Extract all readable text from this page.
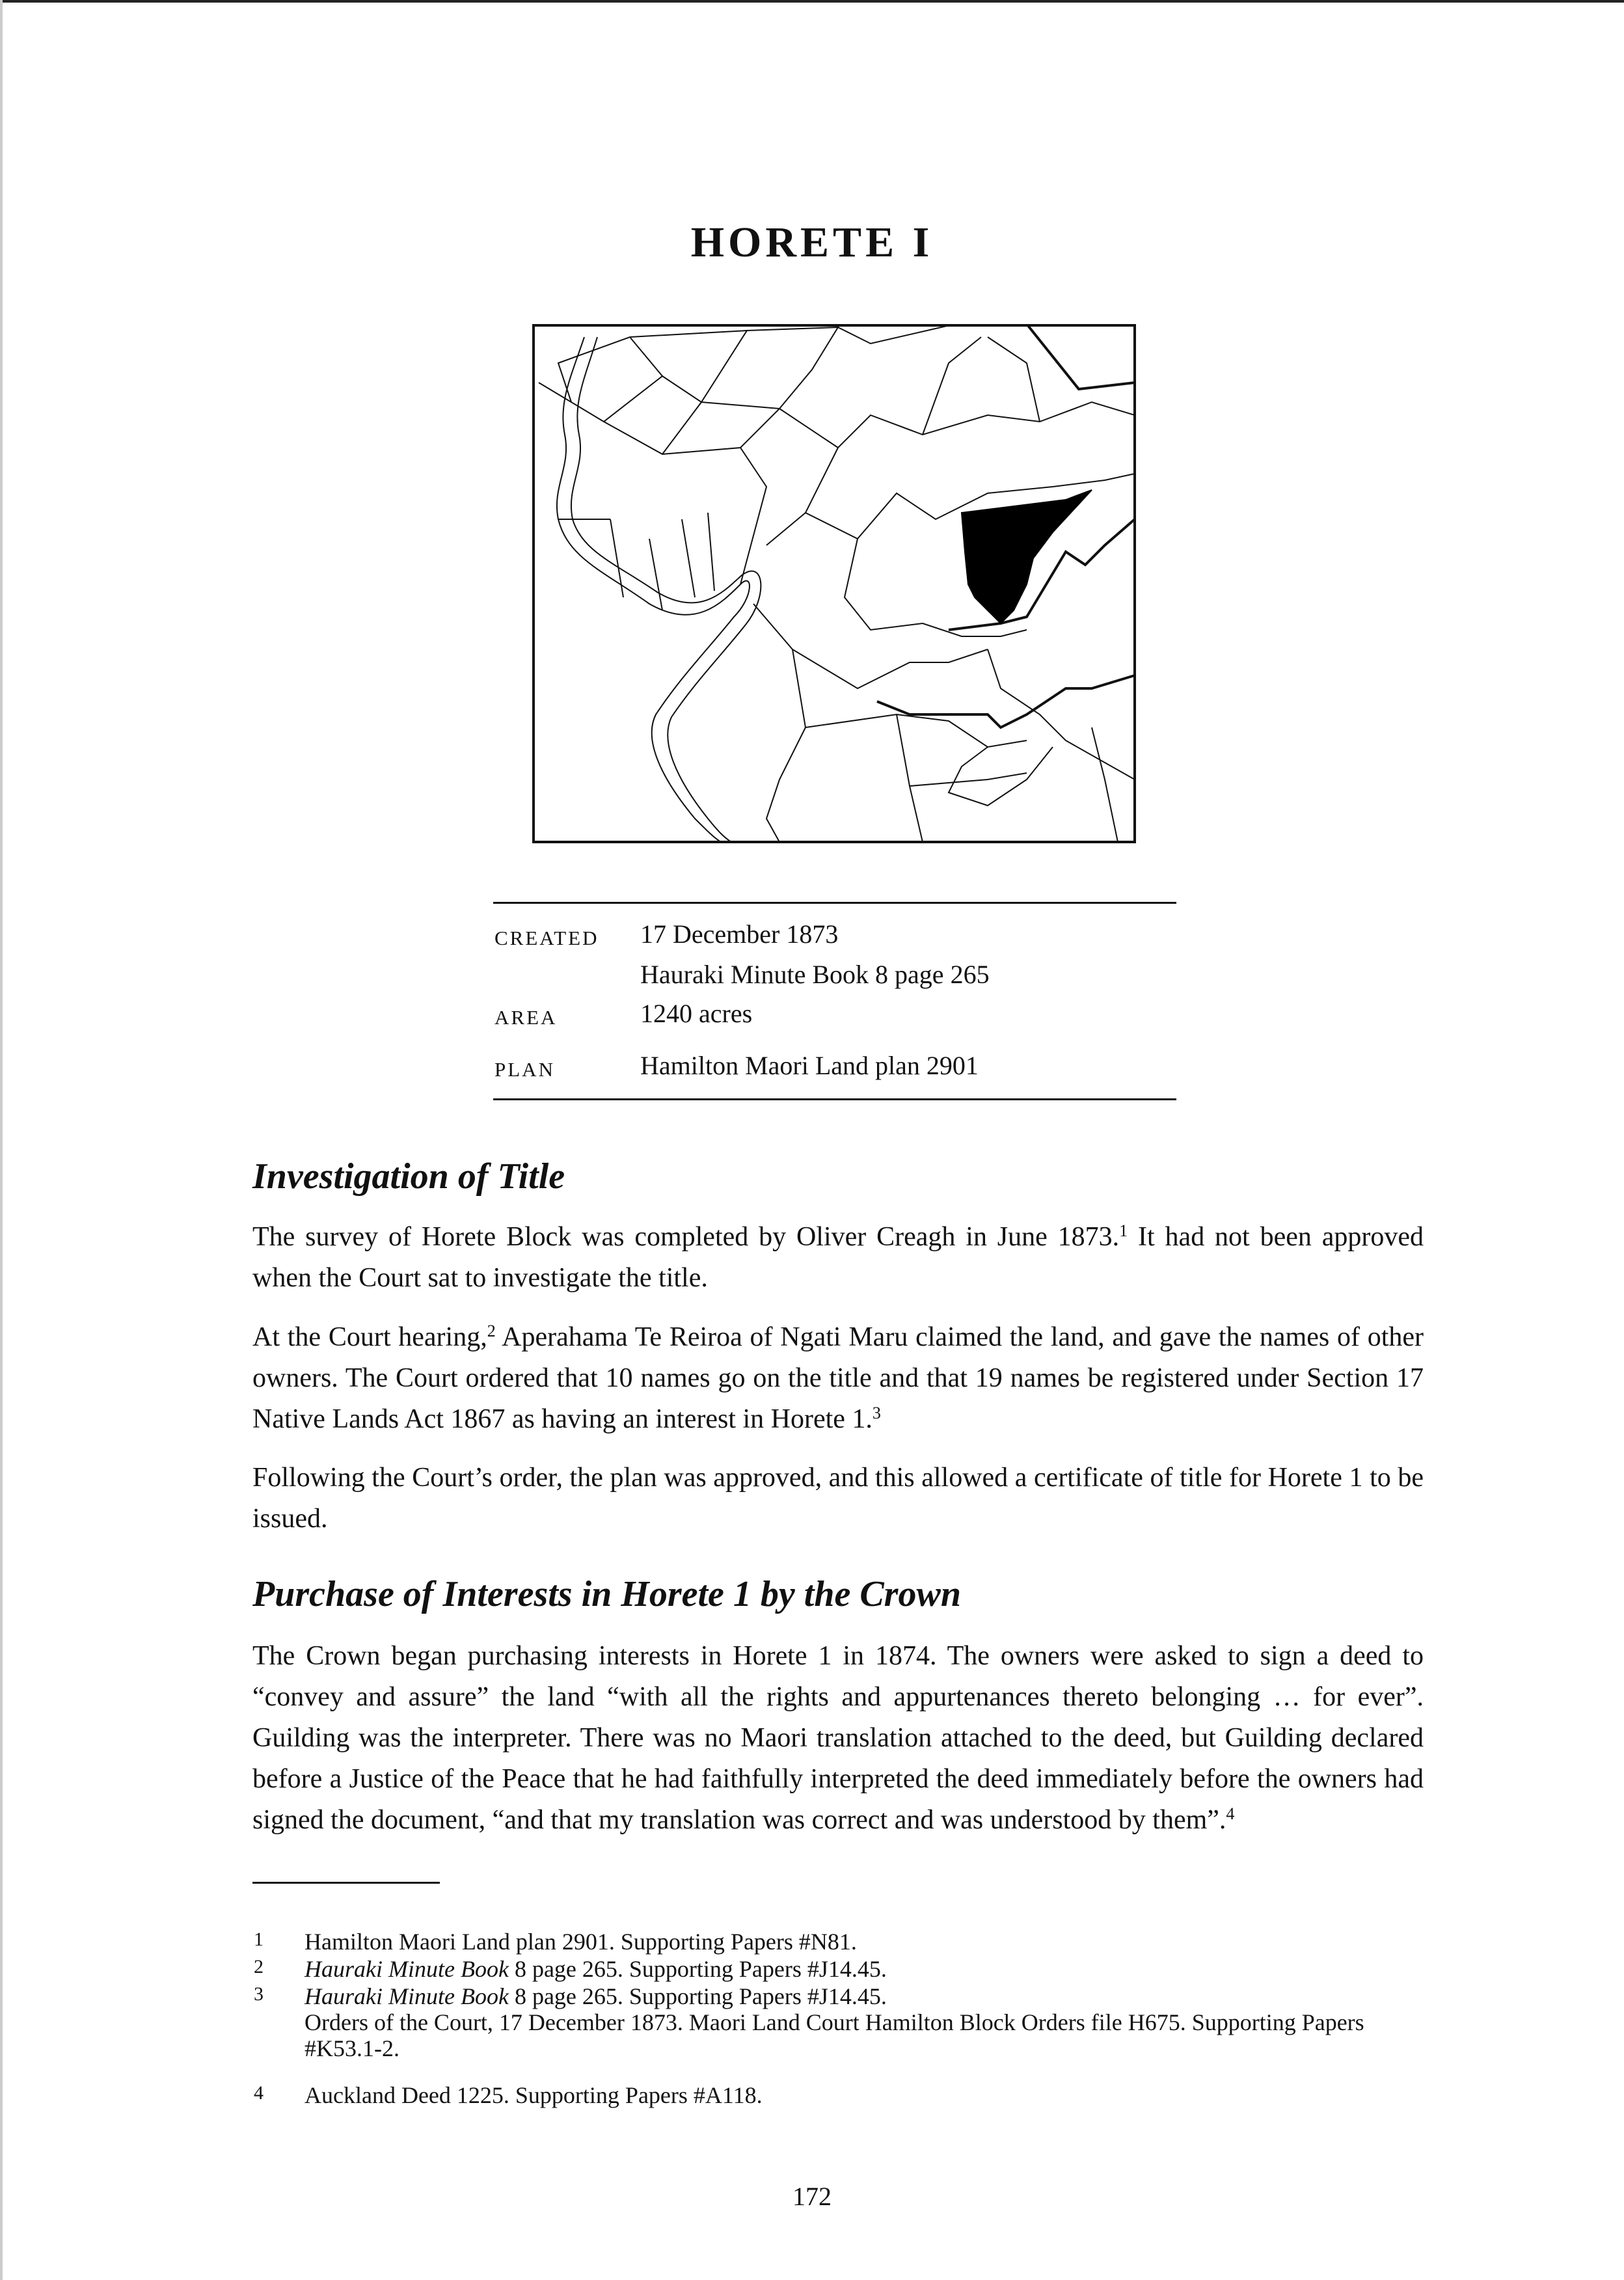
HORETE I
CREATED 17 December 1873
Hauraki Minute Book 8 page 265
AREA	1240 acres
PLAN	Hamilton Maori Land plan 2901
Investigation of Title

The survey of Horete Block was completed by Oliver Creagh in June 1873.$^1$ It had not been approved when the Court sat to investigate the title.

At the Court hearing,$^2$ Aperahama Te Reiroa of Ngati Maru claimed the land, and gave the names of other owners. The Court ordered that 10 names go on the title and that 19 names be registered under Section 17 Native Lands Act 1867 as having an interest in Horete 1.$^3$

Following the Court’s order, the plan was approved, and this allowed a certificate of title for Horete 1 to be issued.

Purchase of Interests in Horete 1 by the Crown

The Crown began purchasing interests in Horete 1 in 1874. The owners were asked to sign a deed to “convey and assure” the land “with all the rights and appurtenances thereto belonging … for ever”. Guilding was the interpreter. There was no Maori translation attached to the deed, but Guilding declared before a Justice of the Peace that he had faithfully interpreted the deed immediately before the owners had signed the document, “and that my translation was correct and was understood by them”.$^4$

1 Hamilton Maori Land plan 2901. Supporting Papers #N81.
2 Hauraki Minute Book 8 page 265. Supporting Papers #J14.45.
3 Hauraki Minute Book 8 page 265. Supporting Papers #J14.45.
Orders of the Court, 17 December 1873. Maori Land Court Hamilton Block Orders file H675. Supporting Papers #K53.1-2.
4 Auckland Deed 1225. Supporting Papers #A118.
172
